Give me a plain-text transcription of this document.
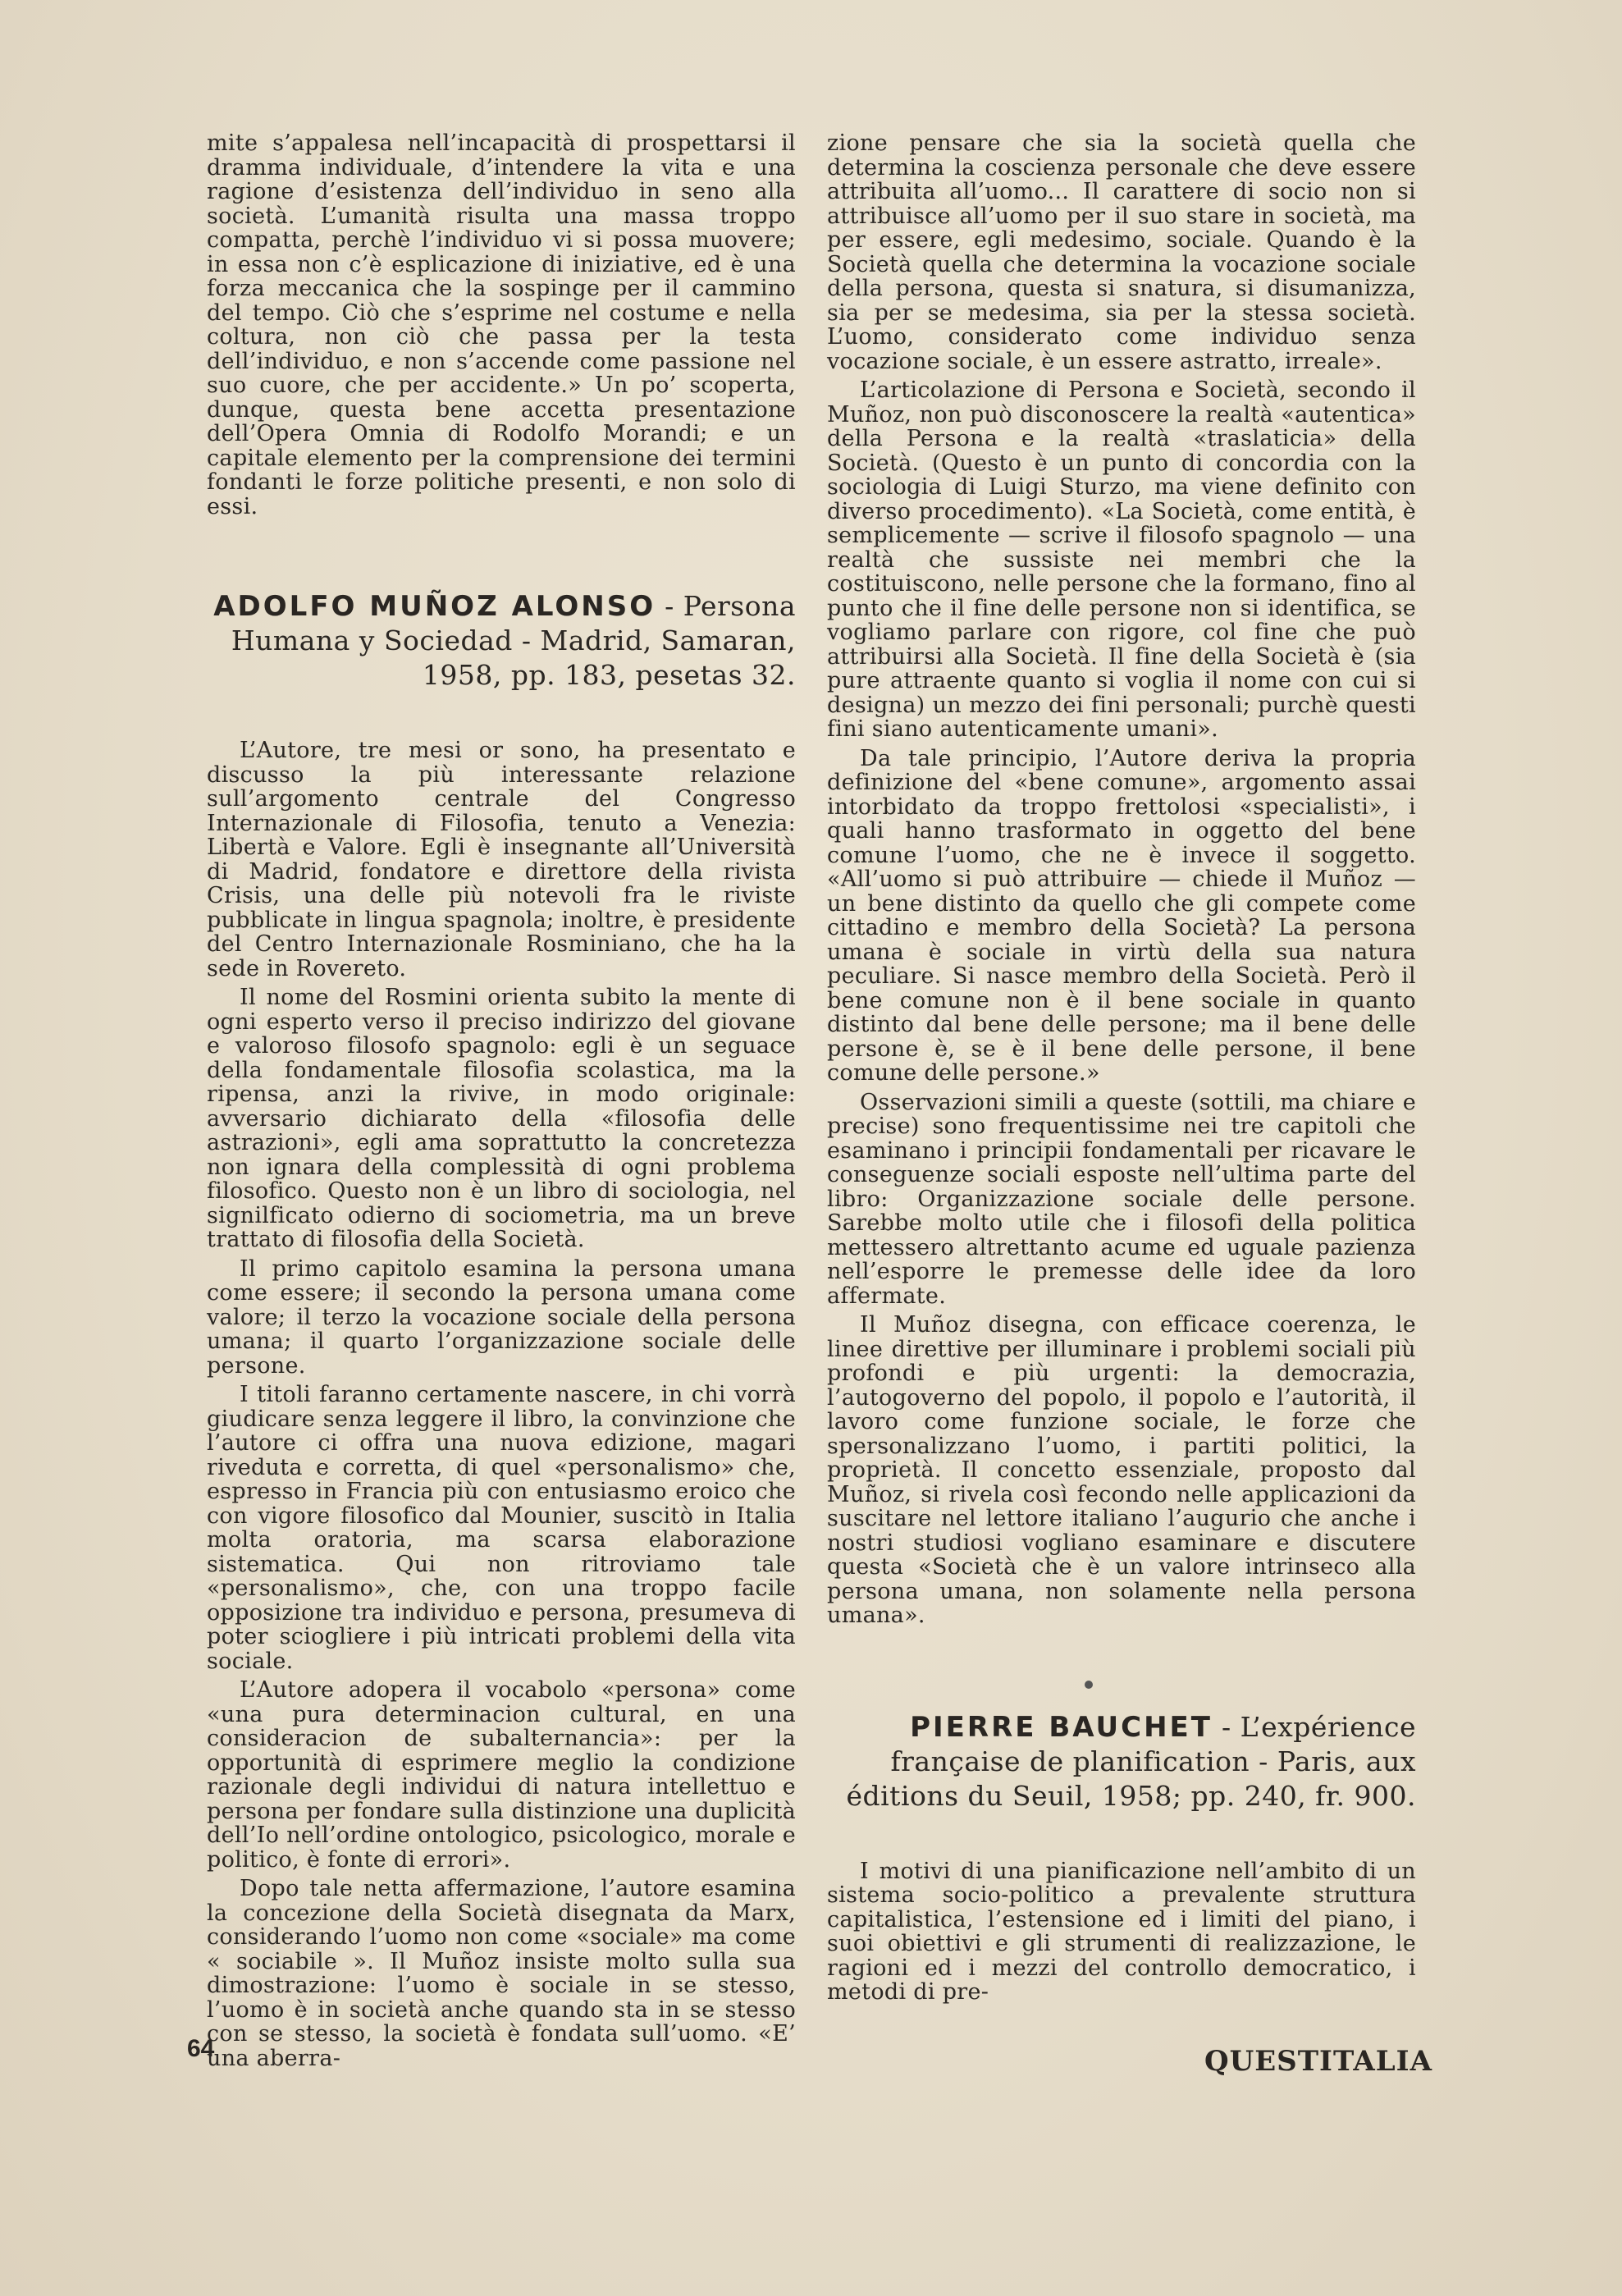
mite s’appalesa nell’incapacità di prospettarsi il dramma individuale, d’intendere la vita e una ragione d’esistenza dell’individuo in seno alla società. L’umanità risulta una massa troppo compatta, perchè l’individuo vi si possa muovere; in essa non c’è esplicazione di iniziative, ed è una forza meccanica che la sospinge per il cammino del tempo. Ciò che s’esprime nel costume e nella coltura, non ciò che passa per la testa dell’individuo, e non s’accende come passione nel suo cuore, che per accidente.» Un po’ scoperta, dunque, questa bene accetta presentazione dell’Opera Omnia di Rodolfo Morandi; e un capitale elemento per la comprensione dei termini fondanti le forze politiche presenti, e non solo di essi.

ADOLFO MUÑOZ ALONSO - Persona Humana y Sociedad - Madrid, Samaran, 1958, pp. 183, pesetas 32.

L’Autore, tre mesi or sono, ha presentato e discusso la più interessante relazione sull’argomento centrale del Congresso Internazionale di Filosofia, tenuto a Venezia: Libertà e Valore. Egli è insegnante all’Università di Madrid, fondatore e direttore della rivista Crisis, una delle più notevoli fra le riviste pubblicate in lingua spagnola; inoltre, è presidente del Centro Internazionale Rosminiano, che ha la sede in Rovereto.

Il nome del Rosmini orienta subito la mente di ogni esperto verso il preciso indirizzo del giovane e valoroso filosofo spagnolo: egli è un seguace della fondamentale filosofia scolastica, ma la ripensa, anzi la rivive, in modo originale: avversario dichiarato della «filosofia delle astrazioni», egli ama soprattutto la concretezza non ignara della complessità di ogni problema filosofico. Questo non è un libro di sociologia, nel signilficato odierno di sociometria, ma un breve trattato di filosofia della Società.

Il primo capitolo esamina la persona umana come essere; il secondo la persona umana come valore; il terzo la vocazione sociale della persona umana; il quarto l’organizzazione sociale delle persone.

I titoli faranno certamente nascere, in chi vorrà giudicare senza leggere il libro, la convinzione che l’autore ci offra una nuova edizione, magari riveduta e corretta, di quel «personalismo» che, espresso in Francia più con entusiasmo eroico che con vigore filosofico dal Mounier, suscitò in Italia molta oratoria, ma scarsa elaborazione sistematica. Qui non ritroviamo tale «personalismo», che, con una troppo facile opposizione tra individuo e persona, presumeva di poter sciogliere i più intricati problemi della vita sociale.

L’Autore adopera il vocabolo «persona» come «una pura determinacion cultural, en una consideracion de subalternancia»: per la opportunità di esprimere meglio la condizione razionale degli individui di natura intellettuo e persona per fondare sulla distinzione una duplicità dell’Io nell’ordine ontologico, psicologico, morale e politico, è fonte di errori».

Dopo tale netta affermazione, l’autore esamina la concezione della Società disegnata da Marx, considerando l’uomo non come «sociale» ma come « sociabile ». Il Muñoz insiste molto sulla sua dimostrazione: l’uomo è sociale in se stesso, l’uomo è in società anche quando sta in se stesso con se stesso, la società è fondata sull’uomo. «E’ una aberra-

zione pensare che sia la società quella che determina la coscienza personale che deve essere attribuita all’uomo... Il carattere di socio non si attribuisce all’uomo per il suo stare in società, ma per essere, egli medesimo, sociale. Quando è la Società quella che determina la vocazione sociale della persona, questa si snatura, si disumanizza, sia per se medesima, sia per la stessa società. L’uomo, considerato come individuo senza vocazione sociale, è un essere astratto, irreale».

L’articolazione di Persona e Società, secondo il Muñoz, non può disconoscere la realtà «autentica» della Persona e la realtà «traslaticia» della Società. (Questo è un punto di concordia con la sociologia di Luigi Sturzo, ma viene definito con diverso procedimento). «La Società, come entità, è semplicemente — scrive il filosofo spagnolo — una realtà che sussiste nei membri che la costituiscono, nelle persone che la formano, fino al punto che il fine delle persone non si identifica, se vogliamo parlare con rigore, col fine che può attribuirsi alla Società. Il fine della Società è (sia pure attraente quanto si voglia il nome con cui si designa) un mezzo dei fini personali; purchè questi fini siano autenticamente umani».

Da tale principio, l’Autore deriva la propria definizione del «bene comune», argomento assai intorbidato da troppo frettolosi «specialisti», i quali hanno trasformato in oggetto del bene comune l’uomo, che ne è invece il soggetto. «All’uomo si può attribuire — chiede il Muñoz — un bene distinto da quello che gli compete come cittadino e membro della Società? La persona umana è sociale in virtù della sua natura peculiare. Si nasce membro della Società. Però il bene comune non è il bene sociale in quanto distinto dal bene delle persone; ma il bene delle persone è, se è il bene delle persone, il bene comune delle persone.»

Osservazioni simili a queste (sottili, ma chiare e precise) sono frequentissime nei tre capitoli che esaminano i principii fondamentali per ricavare le conseguenze sociali esposte nell’ultima parte del libro: Organizzazione sociale delle persone. Sarebbe molto utile che i filosofi della politica mettessero altrettanto acume ed uguale pazienza nell’esporre le premesse delle idee da loro affermate.

Il Muñoz disegna, con efficace coerenza, le linee direttive per illuminare i problemi sociali più profondi e più urgenti: la democrazia, l’autogoverno del popolo, il popolo e l’autorità, il lavoro come funzione sociale, le forze che spersonalizzano l’uomo, i partiti politici, la proprietà. Il concetto essenziale, proposto dal Muñoz, si rivela così fecondo nelle applicazioni da suscitare nel lettore italiano l’augurio che anche i nostri studiosi vogliano esaminare e discutere questa «Società che è un valore intrinseco alla persona umana, non solamente nella persona umana».

PIERRE BAUCHET - L’expérience française de planification - Paris, aux éditions du Seuil, 1958; pp. 240, fr. 900.

I motivi di una pianificazione nell’ambito di un sistema socio-politico a prevalente struttura capitalistica, l’estensione ed i limiti del piano, i suoi obiettivi e gli strumenti di realizzazione, le ragioni ed i mezzi del controllo democratico, i metodi di pre-

64	QUESTITALIA
